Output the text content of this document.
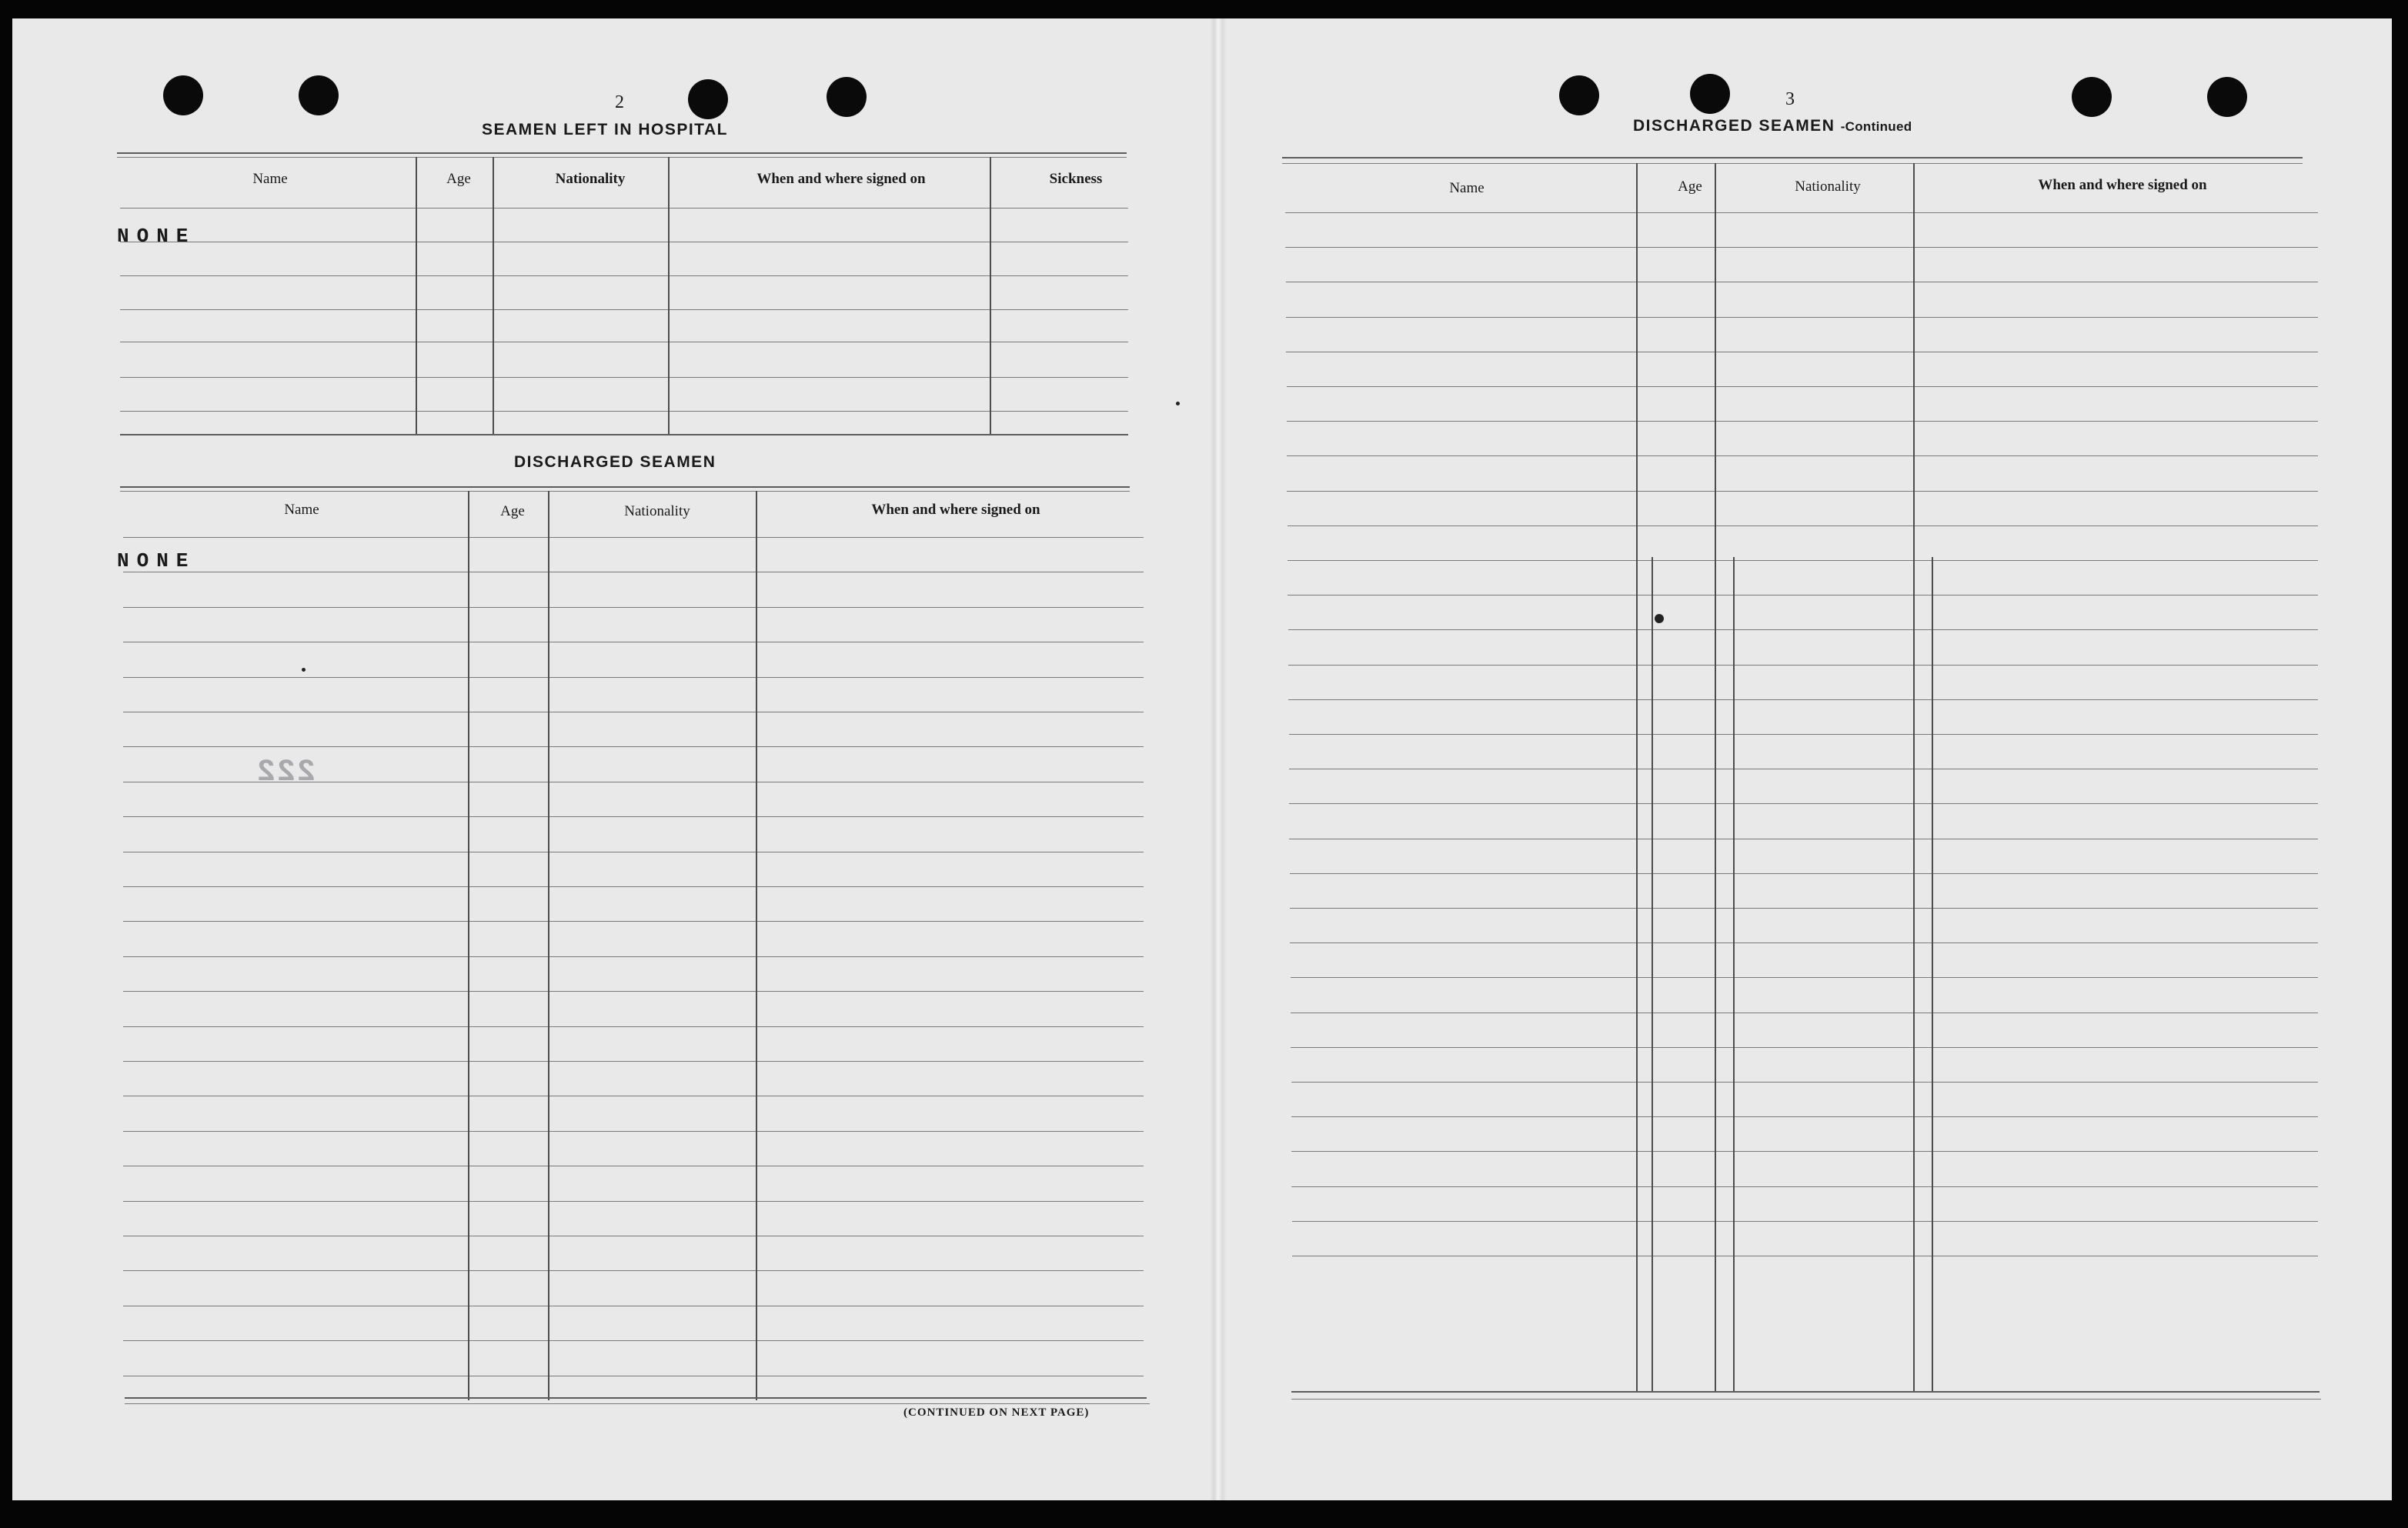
222
2
SEAMEN LEFT IN HOSPITAL
Name	Age	Nationality	When and where signed on	Sickness
NONE
DISCHARGED SEAMEN
Name	Age	Nationality	When and where signed on
NONE
(CONTINUED ON NEXT PAGE)
3
DISCHARGED SEAMEN -Continued
Name	Age	Nationality	When and where signed on
